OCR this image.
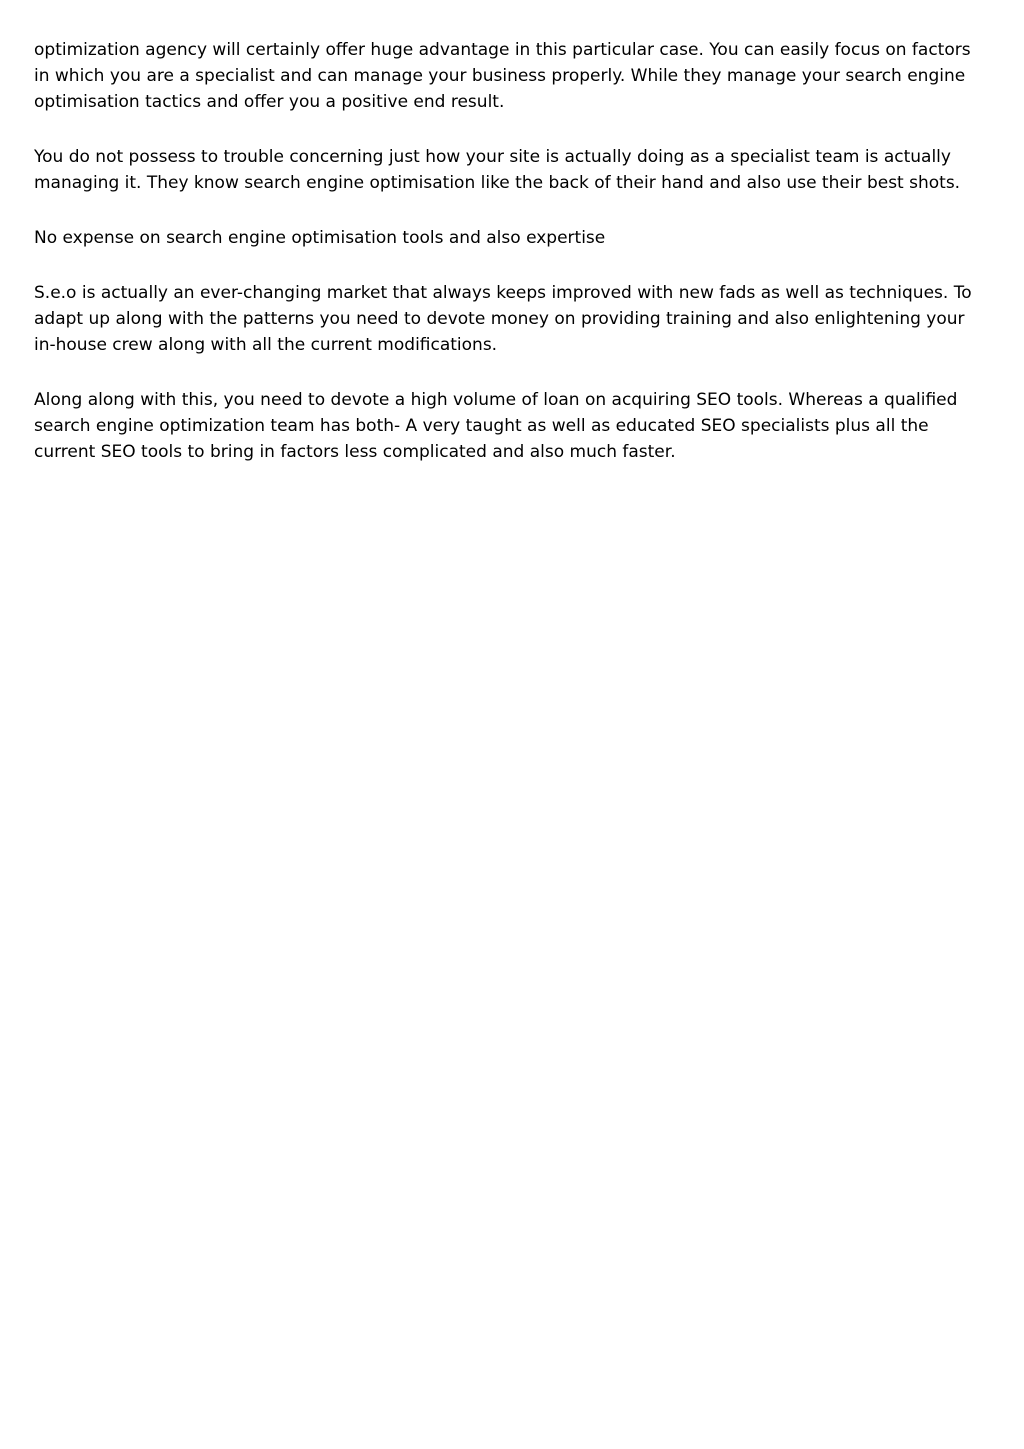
optimization agency will certainly offer huge advantage in this particular case. You can easily focus on factors in which you are a specialist and can manage your business properly. While they manage your search engine optimisation tactics and offer you a positive end result.

You do not possess to trouble concerning just how your site is actually doing as a specialist team is actually managing it. They know search engine optimisation like the back of their hand and also use their best shots.

No expense on search engine optimisation tools and also expertise

S.e.o is actually an ever-changing market that always keeps improved with new fads as well as techniques. To adapt up along with the patterns you need to devote money on providing training and also enlightening your in-house crew along with all the current modifications.

Along along with this, you need to devote a high volume of loan on acquiring SEO tools. Whereas a qualified search engine optimization team has both- A very taught as well as educated SEO specialists plus all the current SEO tools to bring in factors less complicated and also much faster.
